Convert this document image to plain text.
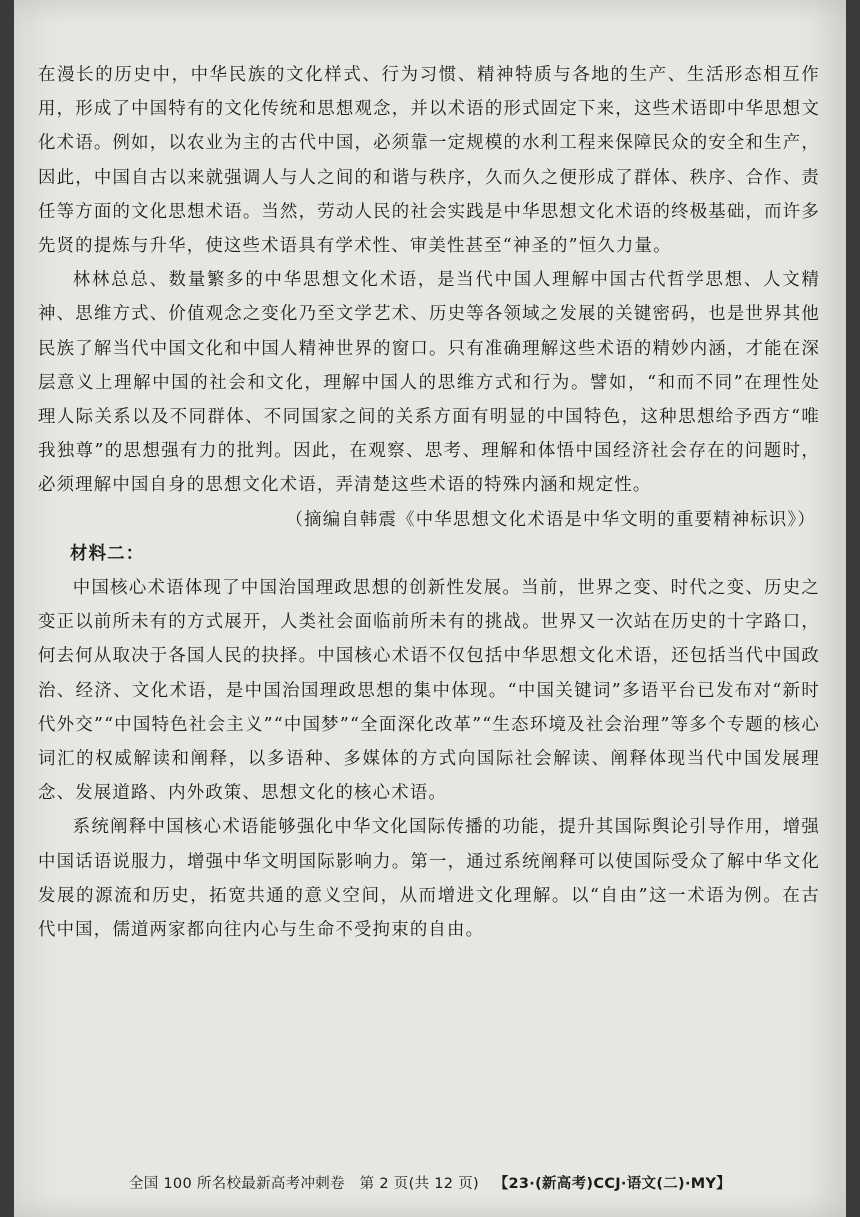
在漫长的历史中，中华民族的文化样式、行为习惯、精神特质与各地的生产、生活形态相互作用，形成了中国特有的文化传统和思想观念，并以术语的形式固定下来，这些术语即中华思想文化术语。例如，以农业为主的古代中国，必须靠一定规模的水利工程来保障民众的安全和生产，因此，中国自古以来就强调人与人之间的和谐与秩序，久而久之便形成了群体、秩序、合作、责任等方面的文化思想术语。当然，劳动人民的社会实践是中华思想文化术语的终极基础，而许多先贤的提炼与升华，使这些术语具有学术性、审美性甚至“神圣的”恒久力量。

林林总总、数量繁多的中华思想文化术语，是当代中国人理解中国古代哲学思想、人文精神、思维方式、价值观念之变化乃至文学艺术、历史等各领域之发展的关键密码，也是世界其他民族了解当代中国文化和中国人精神世界的窗口。只有准确理解这些术语的精妙内涵，才能在深层意义上理解中国的社会和文化，理解中国人的思维方式和行为。譬如，“和而不同”在理性处理人际关系以及不同群体、不同国家之间的关系方面有明显的中国特色，这种思想给予西方“唯我独尊”的思想强有力的批判。因此，在观察、思考、理解和体悟中国经济社会存在的问题时，必须理解中国自身的思想文化术语，弄清楚这些术语的特殊内涵和规定性。

（摘编自韩震《中华思想文化术语是中华文明的重要精神标识》）

材料二：

中国核心术语体现了中国治国理政思想的创新性发展。当前，世界之变、时代之变、历史之变正以前所未有的方式展开，人类社会面临前所未有的挑战。世界又一次站在历史的十字路口，何去何从取决于各国人民的抉择。中国核心术语不仅包括中华思想文化术语，还包括当代中国政治、经济、文化术语，是中国治国理政思想的集中体现。“中国关键词”多语平台已发布对“新时代外交”“中国特色社会主义”“中国梦”“全面深化改革”“生态环境及社会治理”等多个专题的核心词汇的权威解读和阐释，以多语种、多媒体的方式向国际社会解读、阐释体现当代中国发展理念、发展道路、内外政策、思想文化的核心术语。

系统阐释中国核心术语能够强化中华文化国际传播的功能，提升其国际舆论引导作用，增强中国话语说服力，增强中华文明国际影响力。第一，通过系统阐释可以使国际受众了解中华文化发展的源流和历史，拓宽共通的意义空间，从而增进文化理解。以“自由”这一术语为例。在古代中国，儒道两家都向往内心与生命不受拘束的自由。

全国 100 所名校最新高考冲刺卷 第 2 页(共 12 页) 【23·(新高考)CCJ·语文(二)·MY】
